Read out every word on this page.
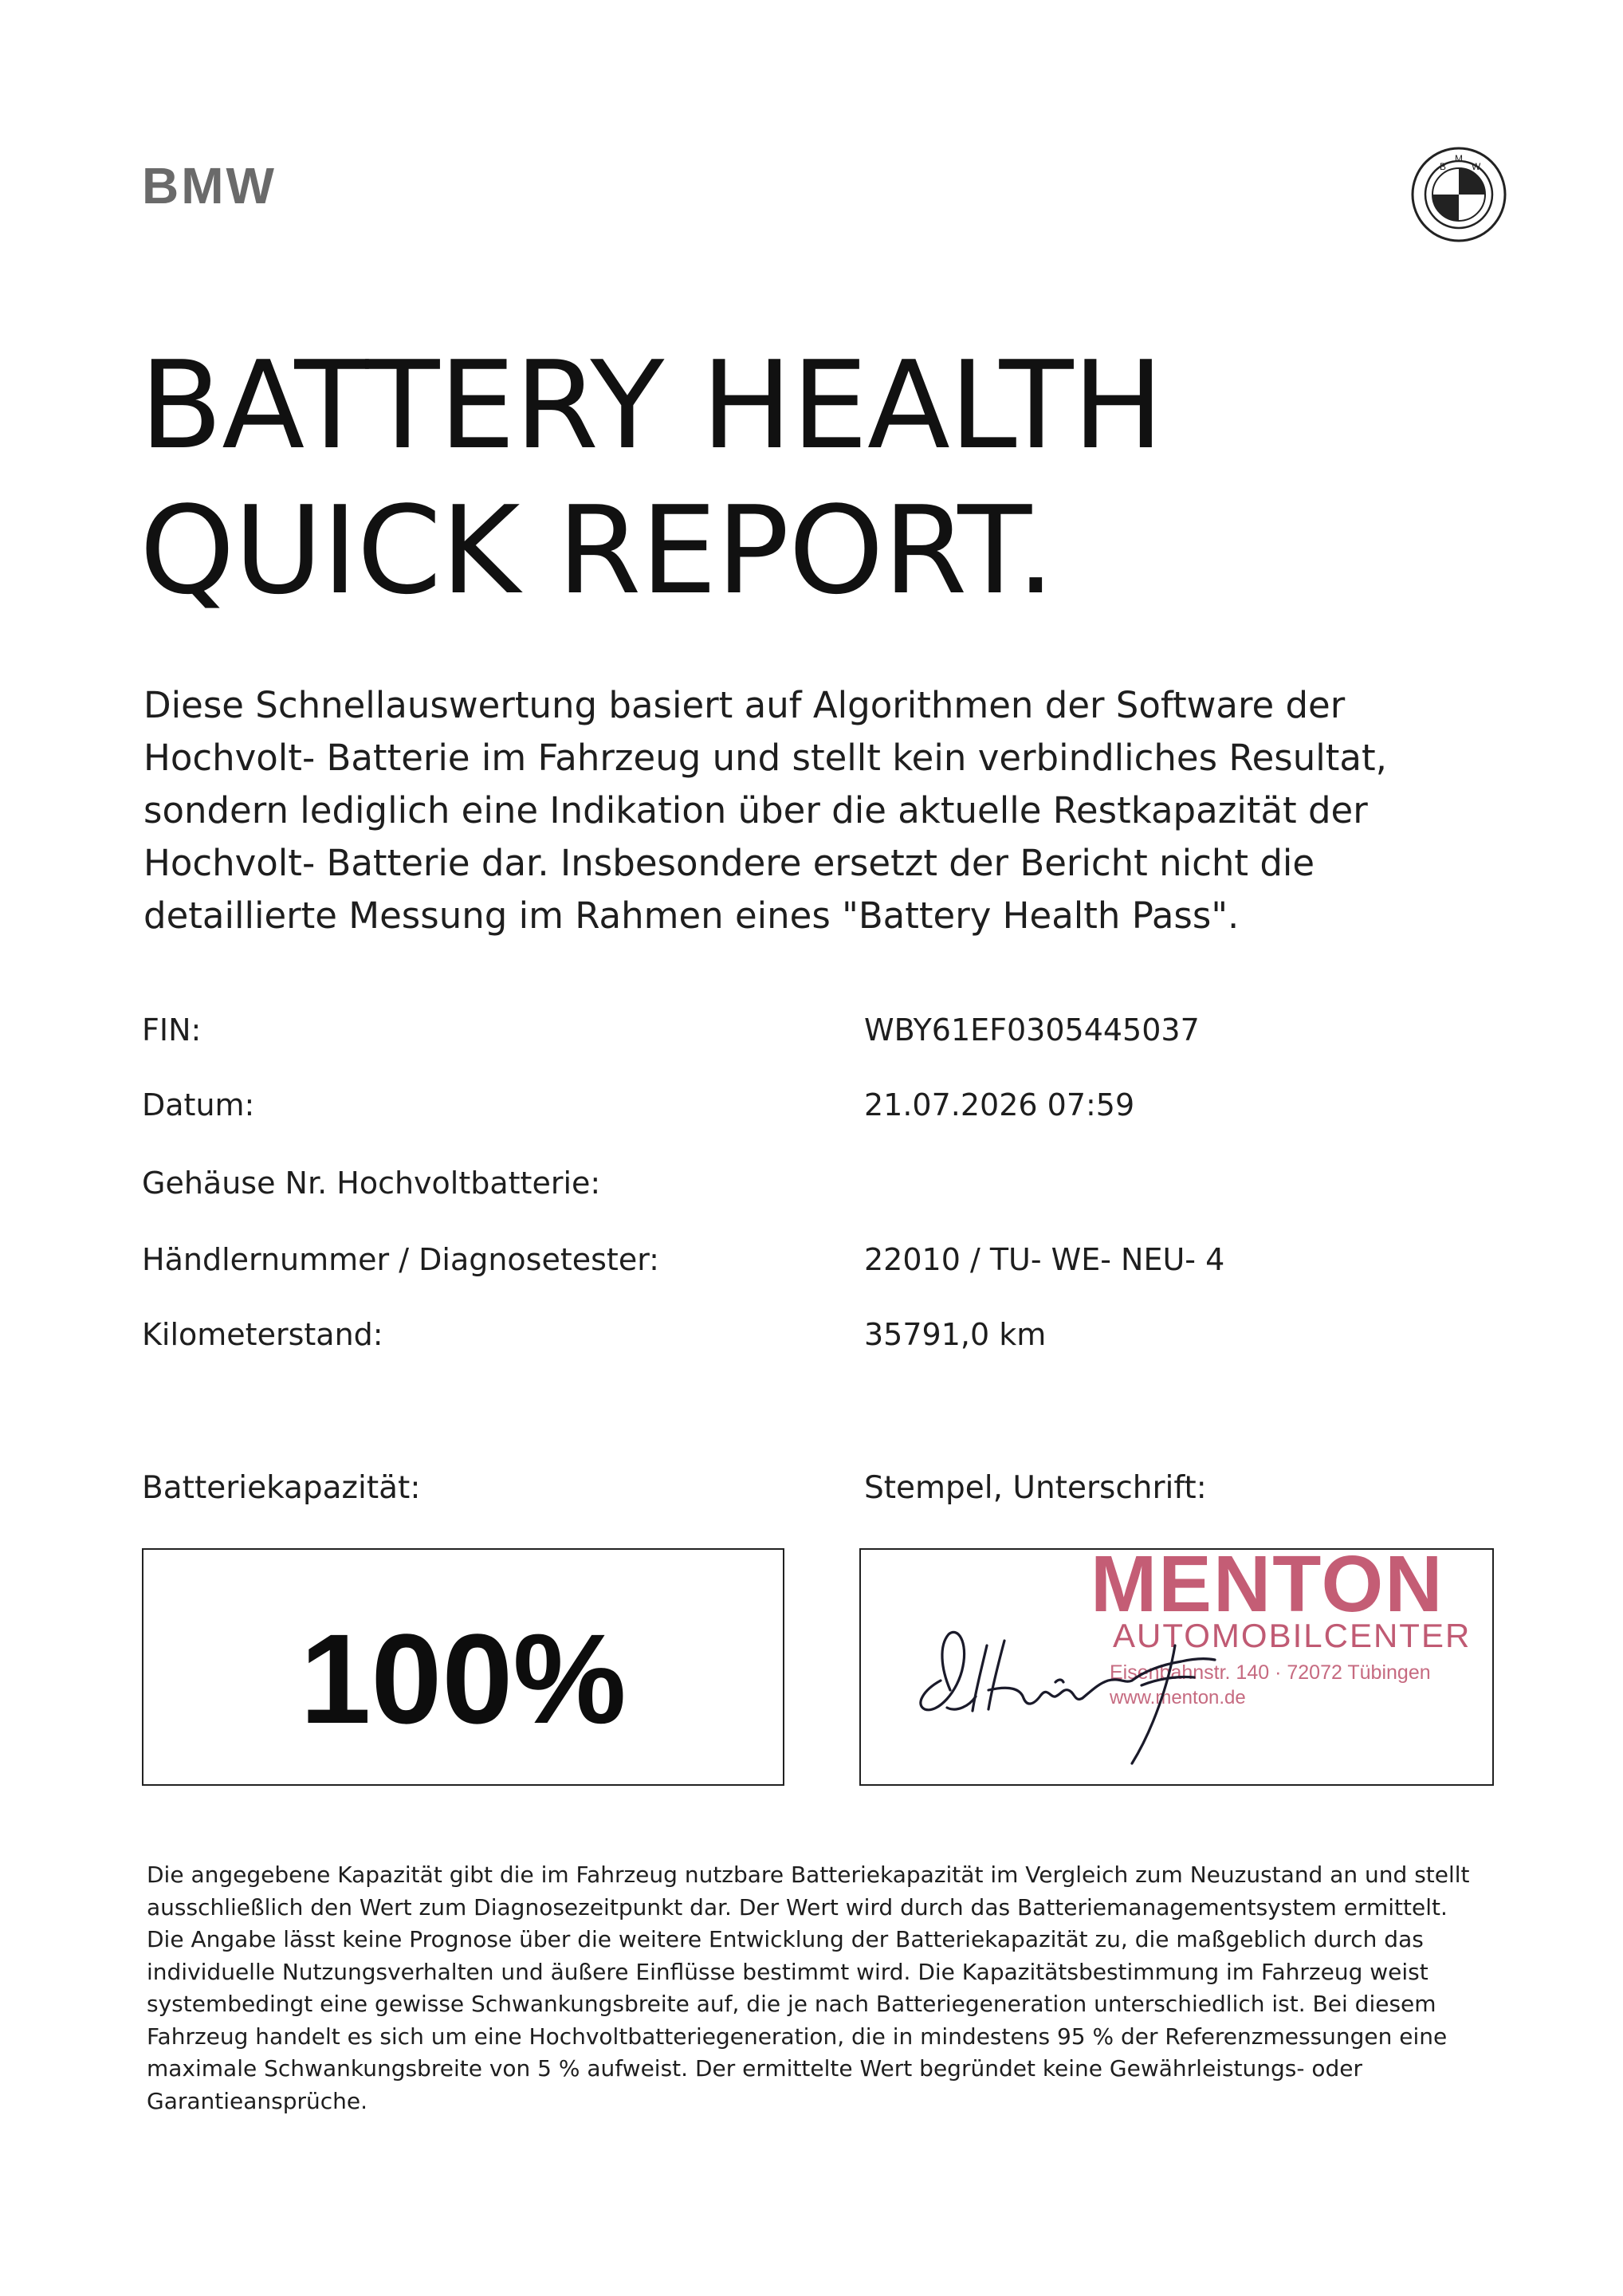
BMW	B
M
W
BATTERY HEALTH
QUICK REPORT.
Diese Schnellauswertung basiert auf Algorithmen der Software der Hochvolt- Batterie im Fahrzeug und stellt kein verbindliches Resultat, sondern lediglich eine Indikation über die aktuelle Restkapazität der Hochvolt- Batterie dar. Insbesondere ersetzt der Bericht nicht die detaillierte Messung im Rahmen eines "Battery Health Pass".
FIN:	WBY61EF0305445037
Datum:	21.07.2026 07:59
Gehäuse Nr. Hochvoltbatterie:
Händlernummer / Diagnosetester:	22010 / TU- WE- NEU- 4
Kilometerstand:	35791,0 km
Batteriekapazität:	Stempel, Unterschrift:
100%
MENTON
AUTOMOBILCENTER
Eisenbahnstr. 140 · 72072 Tübingen
www.menton.de
Die angegebene Kapazität gibt die im Fahrzeug nutzbare Batteriekapazität im Vergleich zum Neuzustand an und stellt ausschließlich den Wert zum Diagnosezeitpunkt dar. Der Wert wird durch das Batteriemanagementsystem ermittelt. Die Angabe lässt keine Prognose über die weitere Entwicklung der Batteriekapazität zu, die maßgeblich durch das individuelle Nutzungsverhalten und äußere Einflüsse bestimmt wird. Die Kapazitätsbestimmung im Fahrzeug weist systembedingt eine gewisse Schwankungsbreite auf, die je nach Batteriegeneration unterschiedlich ist. Bei diesem Fahrzeug handelt es sich um eine Hochvoltbatteriegeneration, die in mindestens 95 % der Referenzmessungen eine maximale Schwankungsbreite von 5 % aufweist. Der ermittelte Wert begründet keine Gewährleistungs- oder Garantieansprüche.
